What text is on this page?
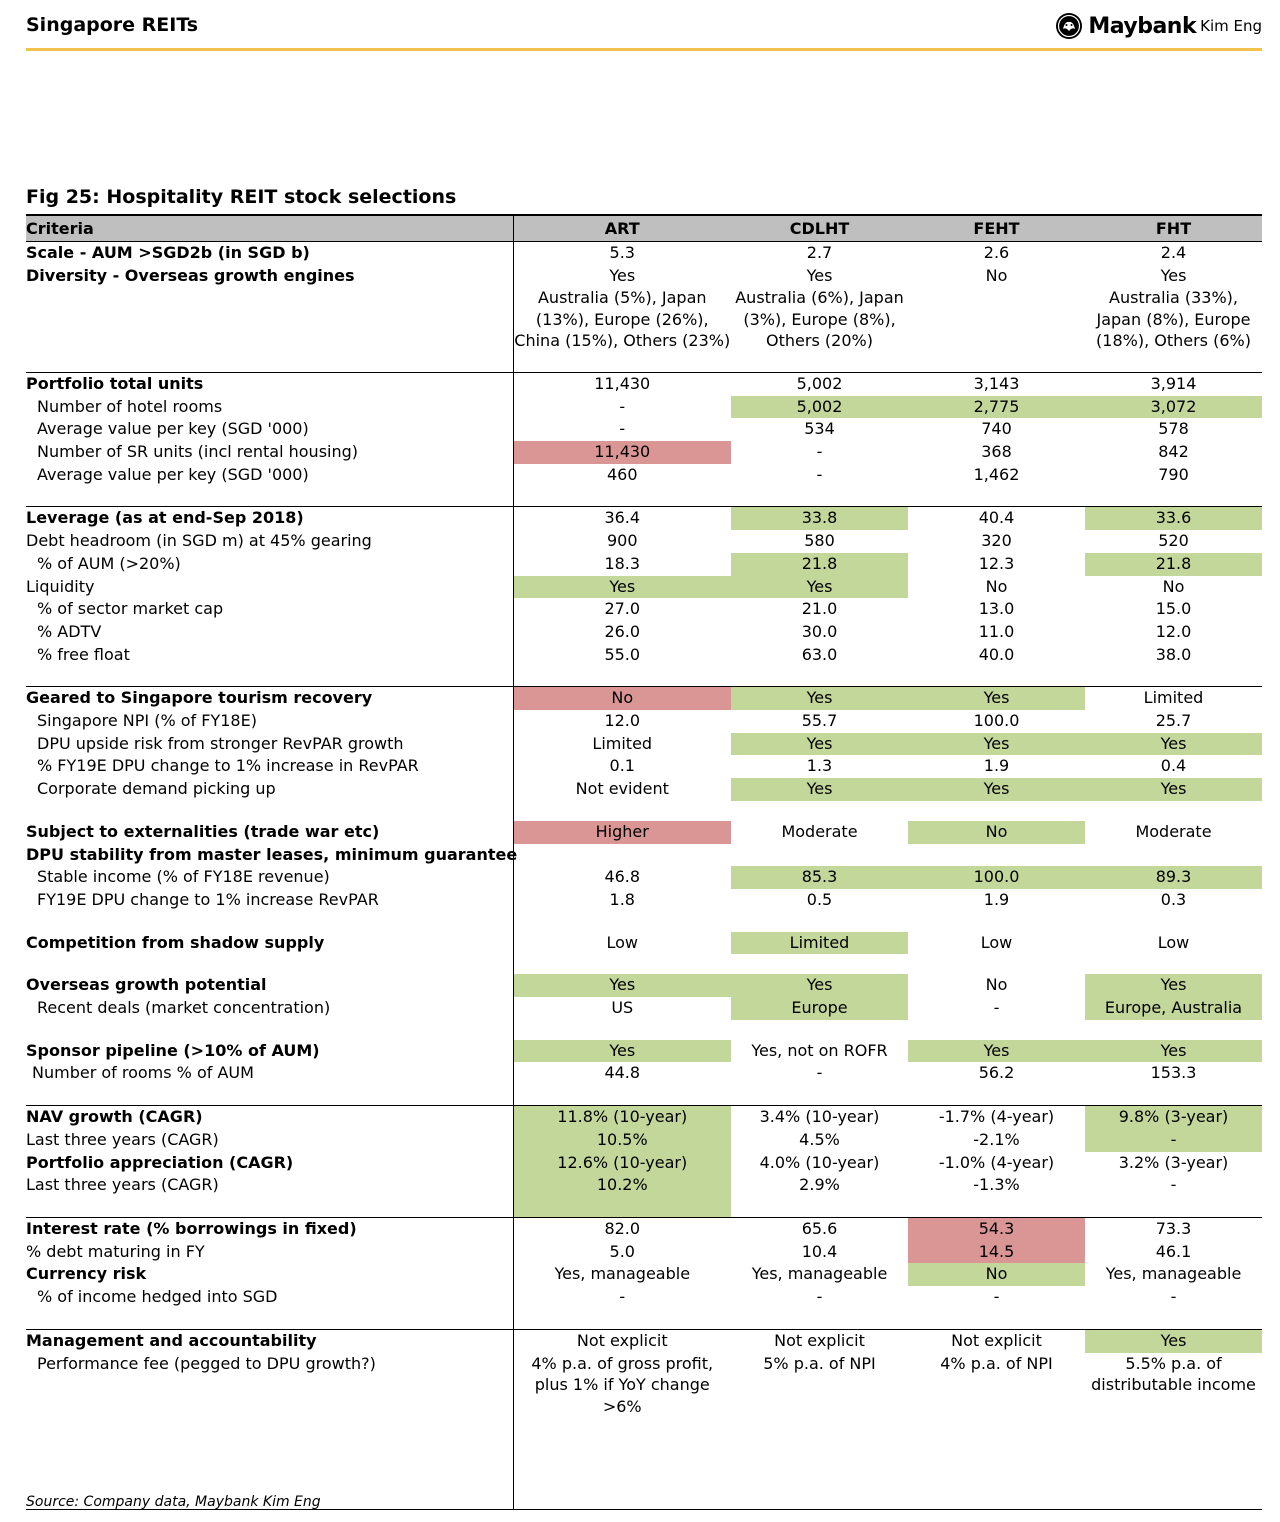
Singapore REITs	Maybank Kim Eng
Fig 25: Hospitality REIT stock selections
Criteria	ART	CDLHT	FEHT	FHT
Scale - AUM >SGD2b (in SGD b)	5.3	2.7	2.6	2.4
Diversity - Overseas growth engines	Yes	Yes	No	Yes
	Australia (5%), Japan (13%), Europe (26%), China (15%), Others (23%)	Australia (6%), Japan (3%), Europe (8%), Others (20%)		Australia (33%), Japan (8%), Europe (18%), Others (6%)

Portfolio total units	11,430	5,002	3,143	3,914
Number of hotel rooms	-	5,002	2,775	3,072
Average value per key (SGD '000)	-	534	740	578
Number of SR units (incl rental housing)	11,430	-	368	842
Average value per key (SGD '000)	460	-	1,462	790

Leverage (as at end-Sep 2018)	36.4	33.8	40.4	33.6
Debt headroom (in SGD m) at 45% gearing	900	580	320	520
% of AUM (>20%)	18.3	21.8	12.3	21.8
Liquidity	Yes	Yes	No	No
% of sector market cap	27.0	21.0	13.0	15.0
% ADTV	26.0	30.0	11.0	12.0
% free float	55.0	63.0	40.0	38.0

Geared to Singapore tourism recovery	No	Yes	Yes	Limited
Singapore NPI (% of FY18E)	12.0	55.7	100.0	25.7
DPU upside risk from stronger RevPAR growth	Limited	Yes	Yes	Yes
% FY19E DPU change to 1% increase in RevPAR	0.1	1.3	1.9	0.4
Corporate demand picking up	Not evident	Yes	Yes	Yes

Subject to externalities (trade war etc)	Higher	Moderate	No	Moderate
DPU stability from master leases, minimum guarantee				
Stable income (% of FY18E revenue)	46.8	85.3	100.0	89.3
FY19E DPU change to 1% increase RevPAR	1.8	0.5	1.9	0.3

Competition from shadow supply	Low	Limited	Low	Low

Overseas growth potential	Yes	Yes	No	Yes
Recent deals (market concentration)	US	Europe	-	Europe, Australia

Sponsor pipeline (>10% of AUM)	Yes	Yes, not on ROFR	Yes	Yes
Number of rooms % of AUM	44.8	-	56.2	153.3

NAV growth (CAGR)	11.8% (10-year)	3.4% (10-year)	-1.7% (4-year)	9.8% (3-year)
Last three years (CAGR)	10.5%	4.5%	-2.1%	-
Portfolio appreciation (CAGR)	12.6% (10-year)	4.0% (10-year)	-1.0% (4-year)	3.2% (3-year)
Last three years (CAGR)	10.2%	2.9%	-1.3%	-

Interest rate (% borrowings in fixed)	82.0	65.6	54.3	73.3
% debt maturing in FY	5.0	10.4	14.5	46.1
Currency risk	Yes, manageable	Yes, manageable	No	Yes, manageable
% of income hedged into SGD	-	-	-	-

Management and accountability	Not explicit	Not explicit	Not explicit	Yes
Performance fee (pegged to DPU growth?)	4% p.a. of gross profit, plus 1% if YoY change >6%	5% p.a. of NPI	4% p.a. of NPI	5.5% p.a. of distributable income

Source: Company data, Maybank Kim Eng
